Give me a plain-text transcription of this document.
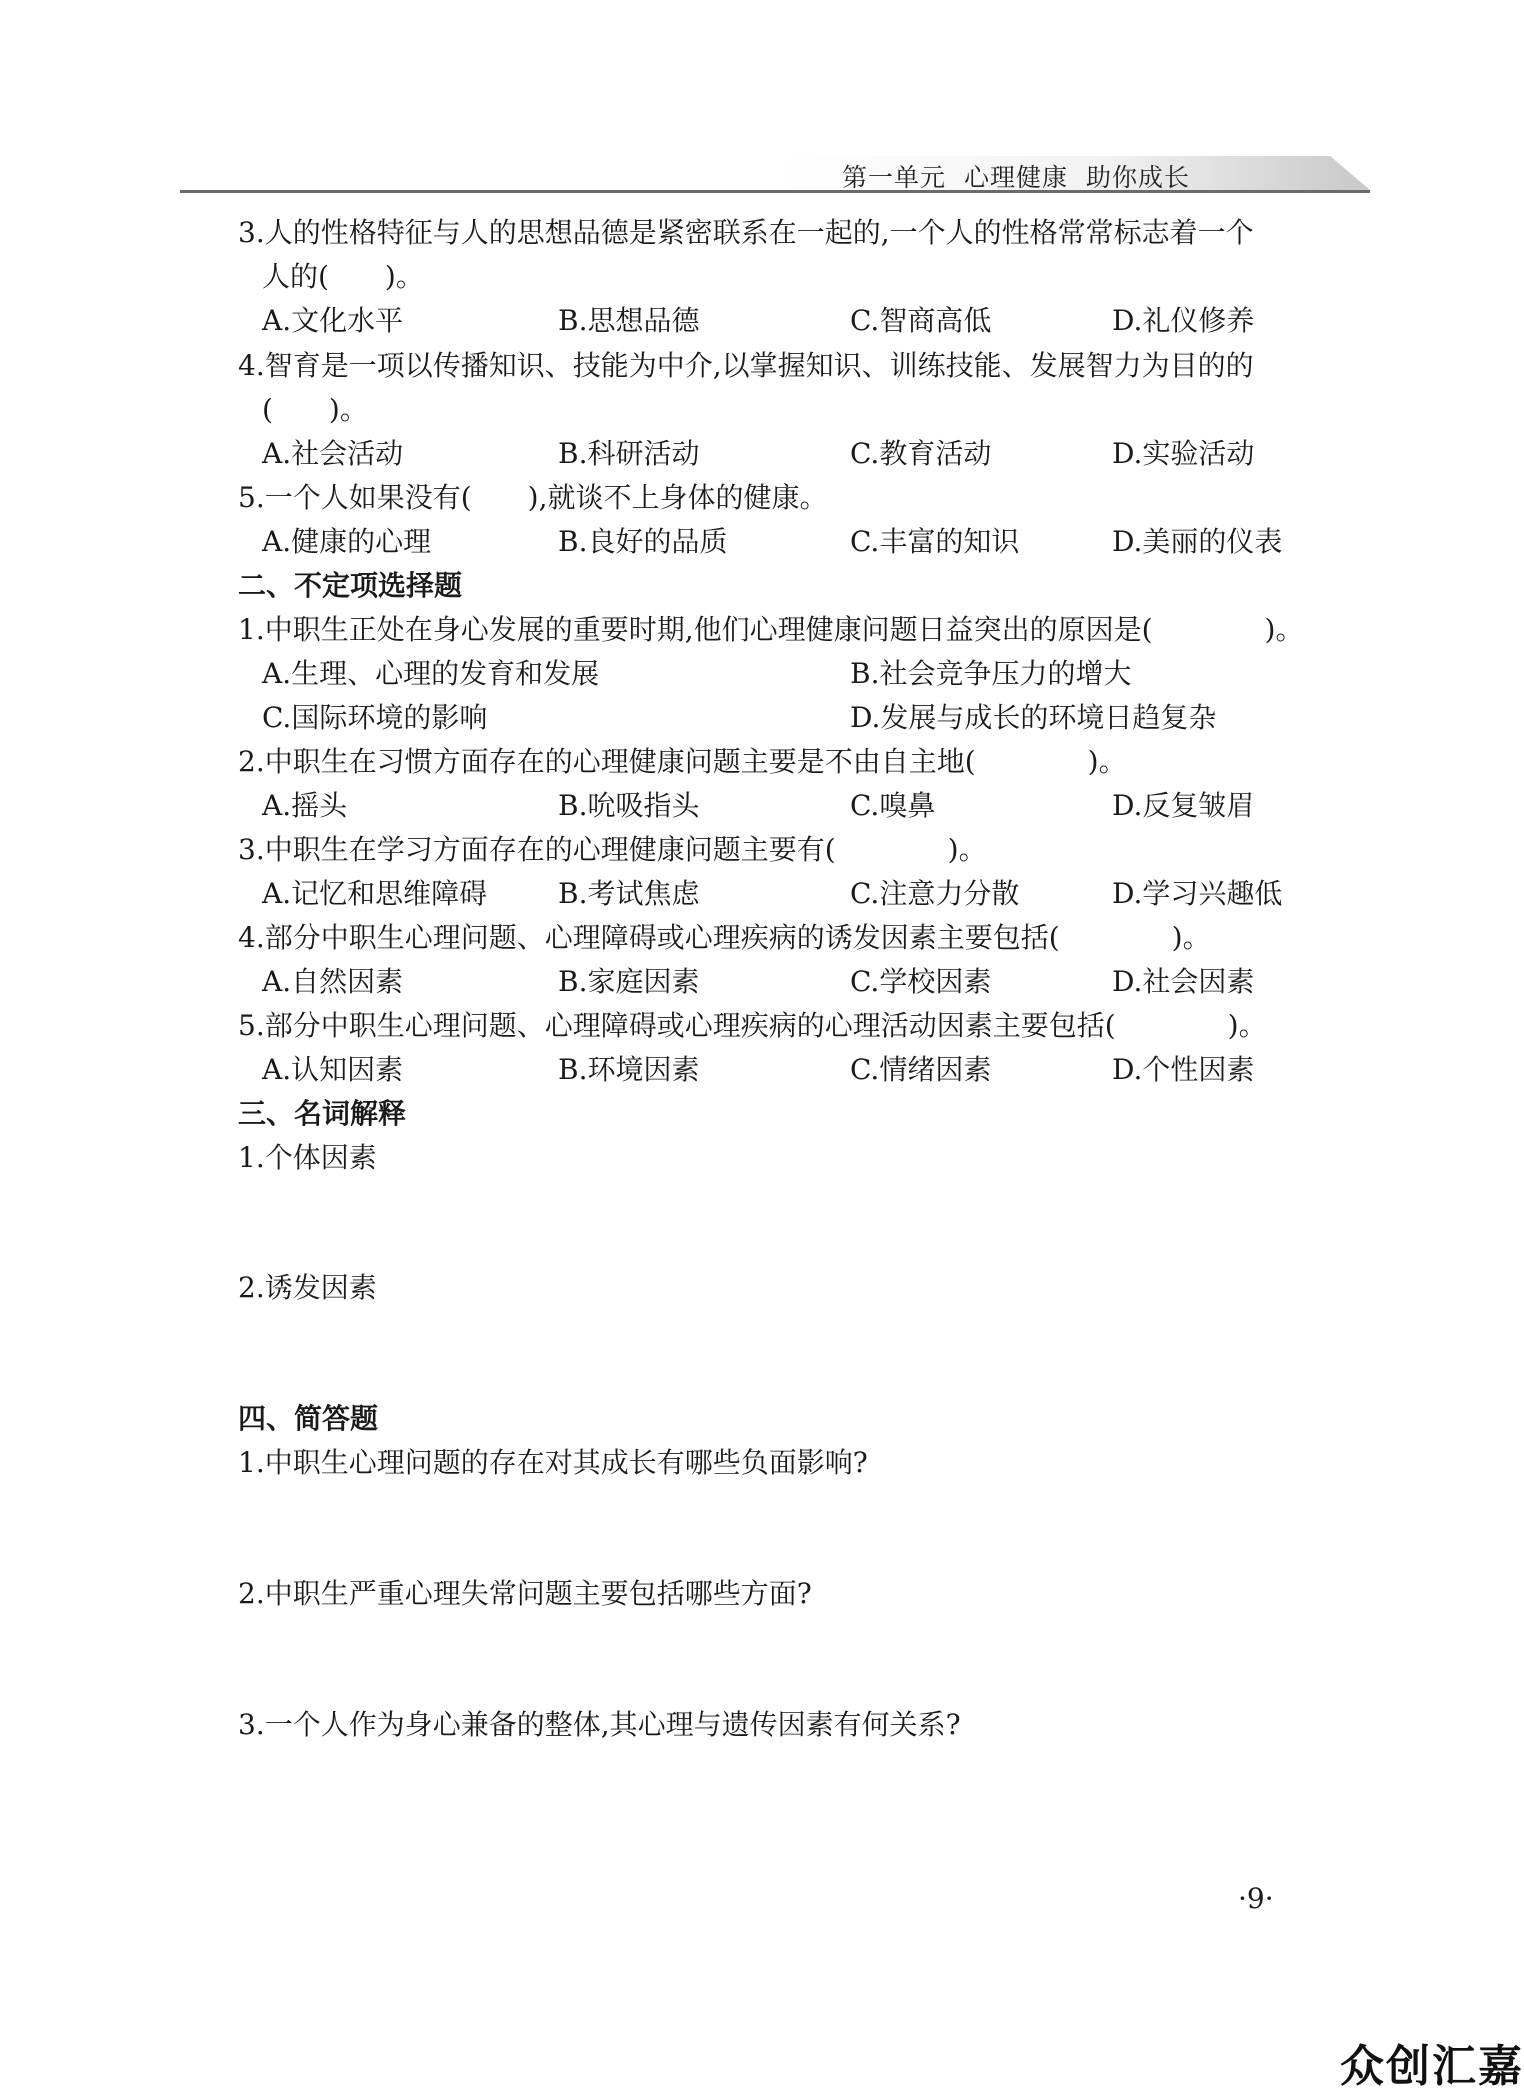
第一单元 心理健康 助你成长
3.人的性格特征与人的思想品德是紧密联系在一起的,一个人的性格常常标志着一个
人的(　　)。
A.文化水平	B.思想品德	C.智商高低	D.礼仪修养
4.智育是一项以传播知识、技能为中介,以掌握知识、训练技能、发展智力为目的的
(　　)。
A.社会活动	B.科研活动	C.教育活动	D.实验活动
5.一个人如果没有(　　),就谈不上身体的健康。
A.健康的心理	B.良好的品质	C.丰富的知识	D.美丽的仪表
二、不定项选择题
1.中职生正处在身心发展的重要时期,他们心理健康问题日益突出的原因是(　　　　)。
A.生理、心理的发育和发展	B.社会竞争压力的增大
C.国际环境的影响	D.发展与成长的环境日趋复杂
2.中职生在习惯方面存在的心理健康问题主要是不由自主地(　　　　)。
A.摇头	B.吮吸指头	C.嗅鼻	D.反复皱眉
3.中职生在学习方面存在的心理健康问题主要有(　　　　)。
A.记忆和思维障碍	B.考试焦虑	C.注意力分散	D.学习兴趣低
4.部分中职生心理问题、心理障碍或心理疾病的诱发因素主要包括(　　　　)。
A.自然因素	B.家庭因素	C.学校因素	D.社会因素
5.部分中职生心理问题、心理障碍或心理疾病的心理活动因素主要包括(　　　　)。
A.认知因素	B.环境因素	C.情绪因素	D.个性因素
三、名词解释
1.个体因素
2.诱发因素
四、简答题
1.中职生心理问题的存在对其成长有哪些负面影响?
2.中职生严重心理失常问题主要包括哪些方面?
3.一个人作为身心兼备的整体,其心理与遗传因素有何关系?
·9·
众创汇嘉
